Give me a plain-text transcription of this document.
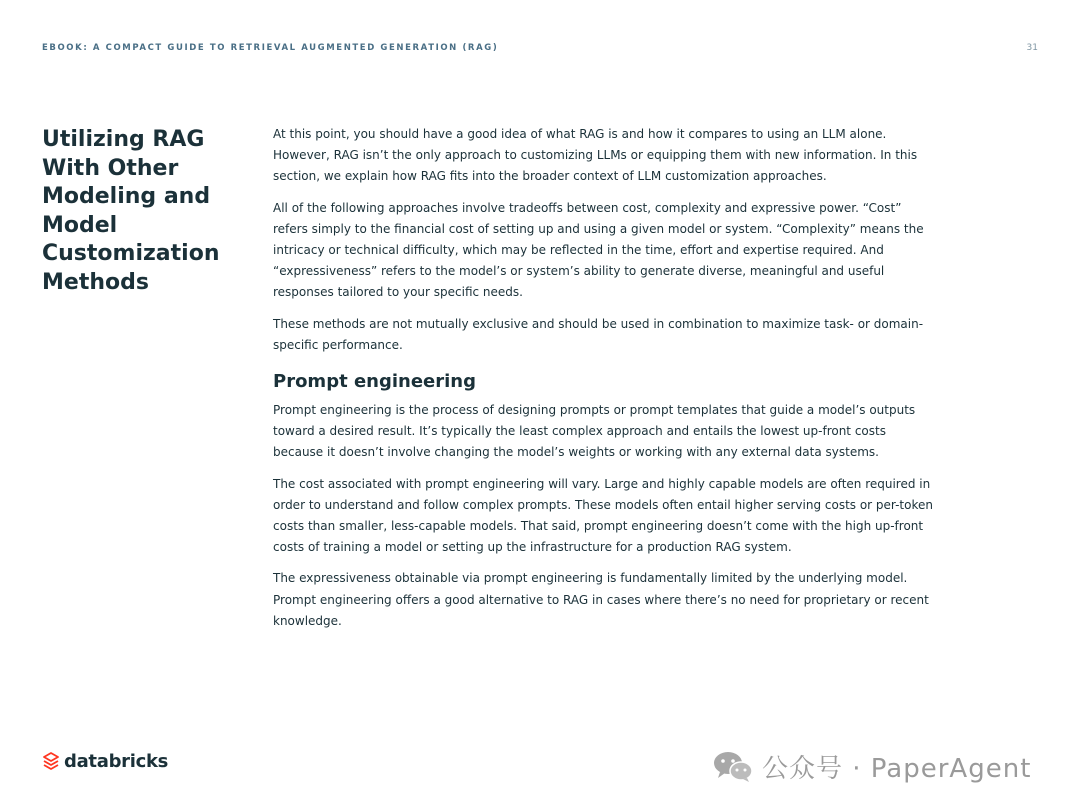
EBOOK: A COMPACT GUIDE TO RETRIEVAL AUGMENTED GENERATION (RAG)	31
Utilizing RAG With Other Modeling and Model Customization Methods

At this point, you should have a good idea of what RAG is and how it compares to using an LLM alone. However, RAG isn’t the only approach to customizing LLMs or equipping them with new information. In this section, we explain how RAG fits into the broader context of LLM customization approaches.

All of the following approaches involve tradeoffs between cost, complexity and expressive power. “Cost” refers simply to the financial cost of setting up and using a given model or system. “Complexity” means the intricacy or technical difficulty, which may be reflected in the time, effort and expertise required. And “expressiveness” refers to the model’s or system’s ability to generate diverse, meaningful and useful responses tailored to your specific needs.

These methods are not mutually exclusive and should be used in combination to maximize task- or domain-specific performance.

Prompt engineering

Prompt engineering is the process of designing prompts or prompt templates that guide a model’s outputs toward a desired result. It’s typically the least complex approach and entails the lowest up-front costs because it doesn’t involve changing the model’s weights or working with any external data systems.

The cost associated with prompt engineering will vary. Large and highly capable models are often required in order to understand and follow complex prompts. These models often entail higher serving costs or per-token costs than smaller, less-capable models. That said, prompt engineering doesn’t come with the high up-front costs of training a model or setting up the infrastructure for a production RAG system.

The expressiveness obtainable via prompt engineering is fundamentally limited by the underlying model. Prompt engineering offers a good alternative to RAG in cases where there’s no need for proprietary or recent knowledge.

databricks	公众号 · PaperAgent
